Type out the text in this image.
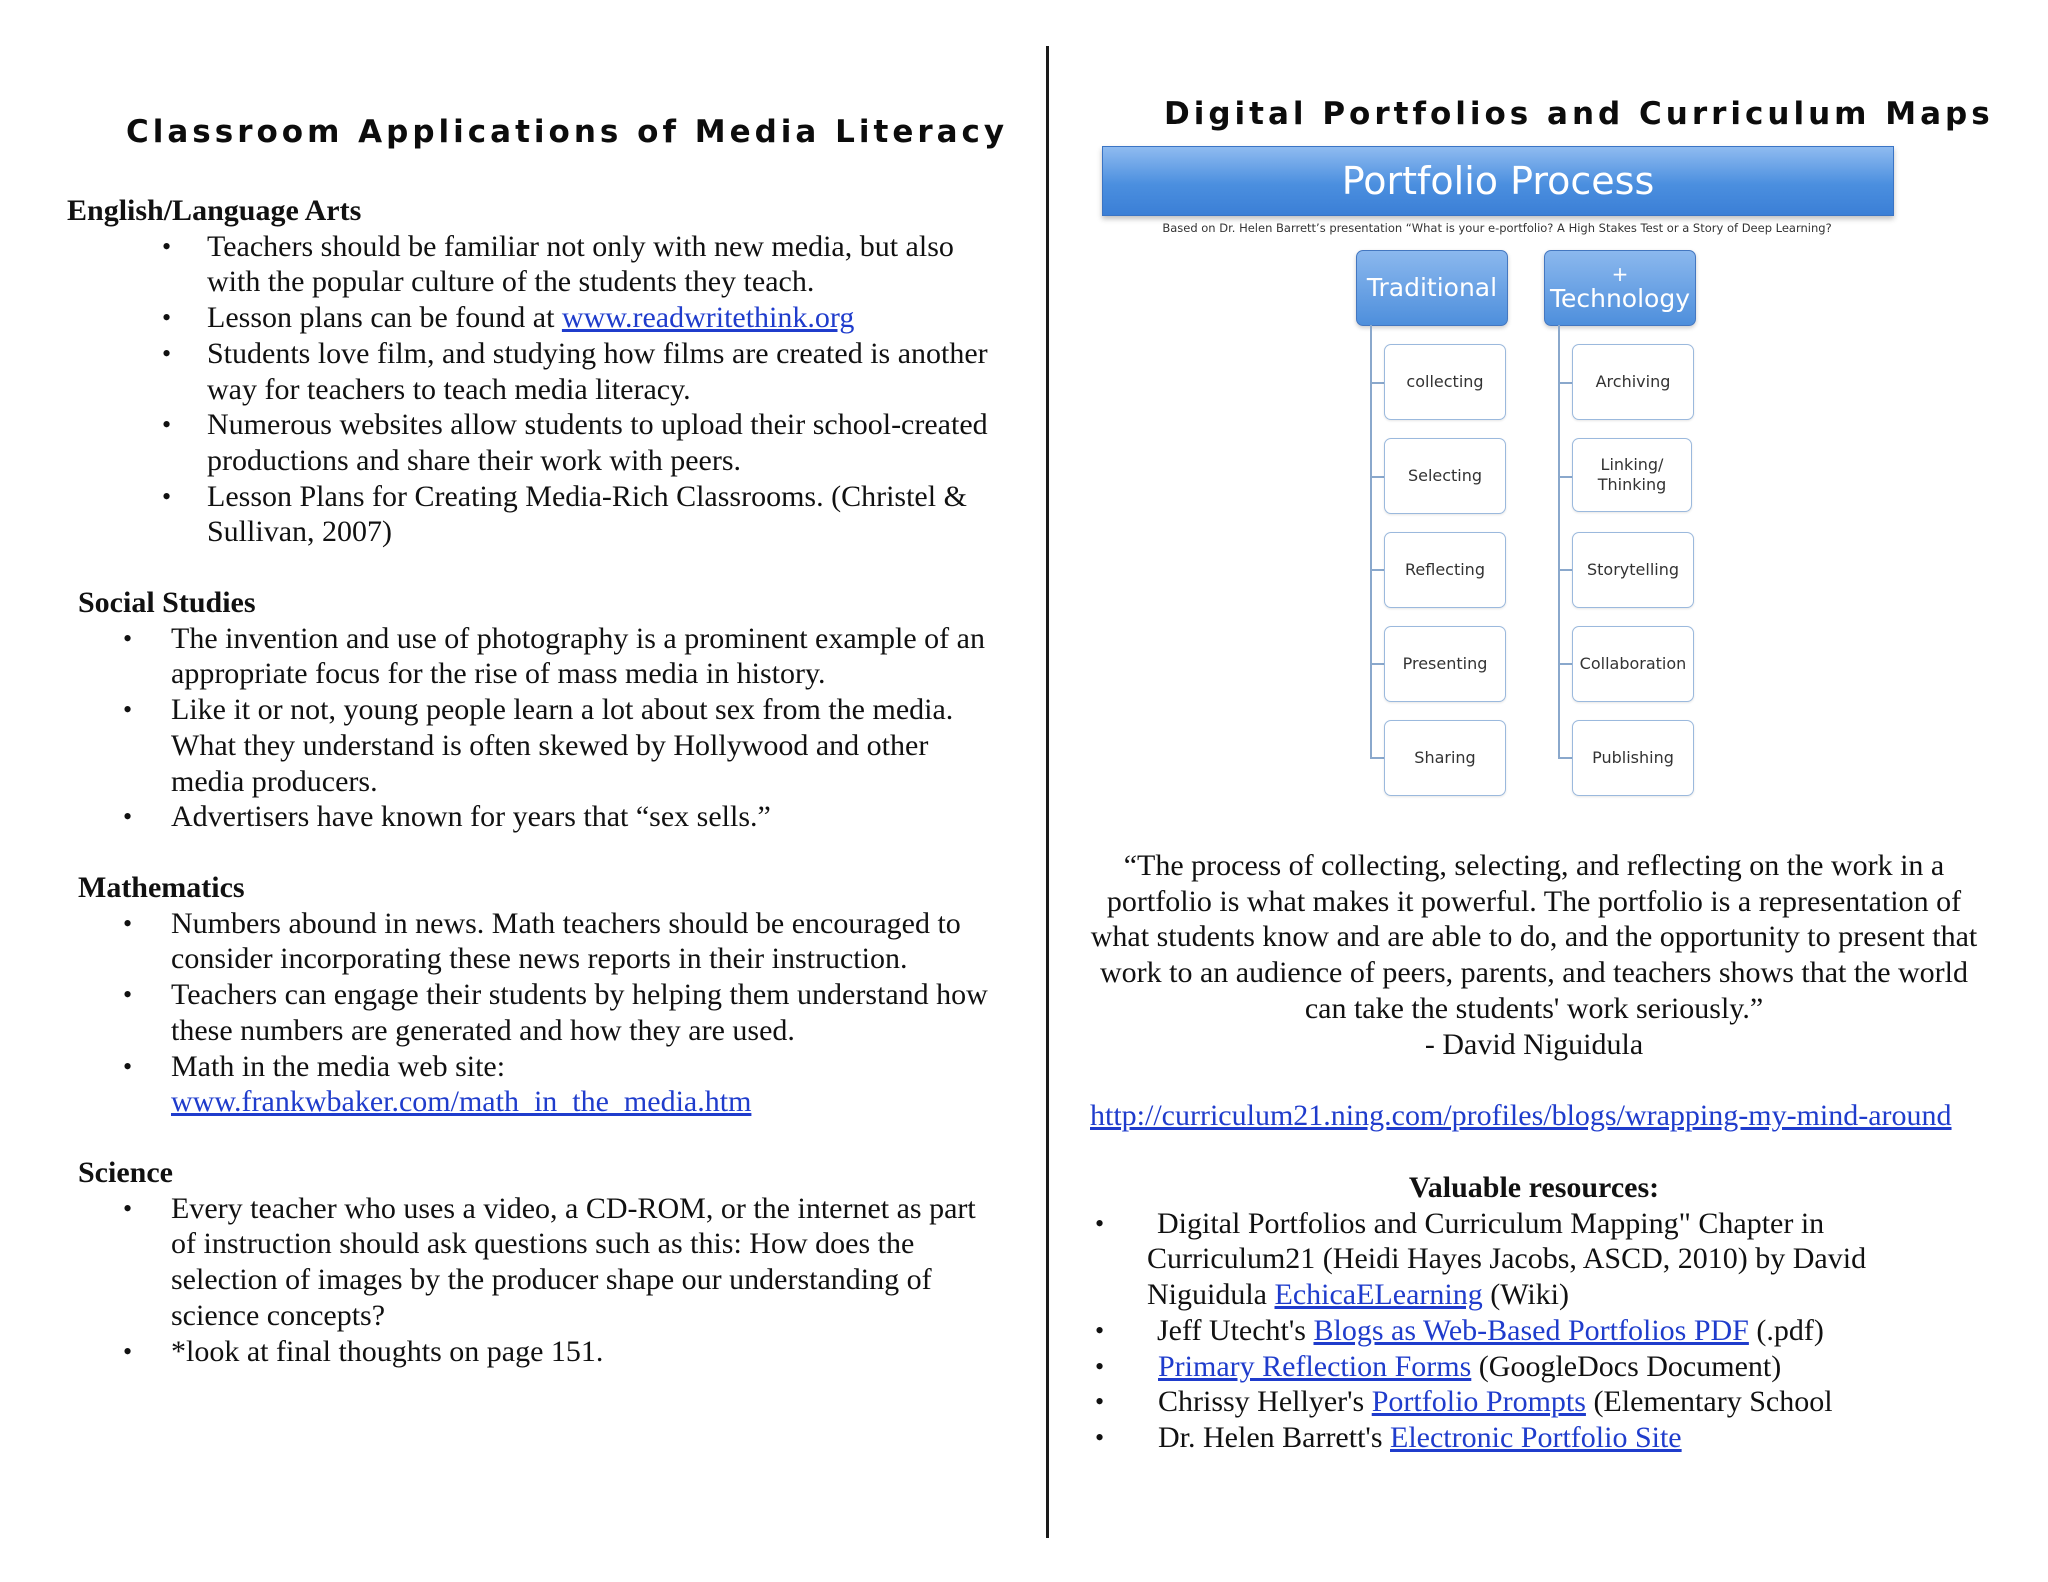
Classroom Applications of Media Literacy
English/Language Arts
• Teachers should be familiar not only with new media, but also
with the popular culture of the students they teach.
• Lesson plans can be found at www.readwritethink.org
• Students love film, and studying how films are created is another
way for teachers to teach media literacy.
• Numerous websites allow students to upload their school-created
productions and share their work with peers.
• Lesson Plans for Creating Media-Rich Classrooms. (Christel &
Sullivan, 2007)
Social Studies
• The invention and use of photography is a prominent example of an
appropriate focus for the rise of mass media in history.
• Like it or not, young people learn a lot about sex from the media.
What they understand is often skewed by Hollywood and other
media producers.
• Advertisers have known for years that “sex sells.”
Mathematics
• Numbers abound in news. Math teachers should be encouraged to
consider incorporating these news reports in their instruction.
• Teachers can engage their students by helping them understand how
these numbers are generated and how they are used.
• Math in the media web site:
www.frankwbaker.com/math_in_the_media.htm
Science
• Every teacher who uses a video, a CD-ROM, or the internet as part
of instruction should ask questions such as this: How does the
selection of images by the producer shape our understanding of
science concepts?
• *look at final thoughts on page 151.
Digital Portfolios and Curriculum Maps
Portfolio Process
Based on Dr. Helen Barrett’s presentation “What is your e-portfolio? A High Stakes Test or a Story of Deep Learning?
Traditional	+
Technology
collecting
Selecting
Reflecting
Presenting
Sharing
Archiving
Linking/ Thinking
Storytelling
Collaboration
Publishing
“The process of collecting, selecting, and reflecting on the work in a
portfolio is what makes it powerful. The portfolio is a representation of
what students know and are able to do, and the opportunity to present that
work to an audience of peers, parents, and teachers shows that the world
can take the students' work seriously.”
- David Niguidula
http://curriculum21.ning.com/profiles/blogs/wrapping-my-mind-around
Valuable resources:
•	Digital Portfolios and Curriculum Mapping" Chapter in
Curriculum21 (Heidi Hayes Jacobs, ASCD, 2010) by David
Niguidula EchicaELearning (Wiki)
• Jeff Utecht's Blogs as Web-Based Portfolios PDF (.pdf)
• Primary Reflection Forms (GoogleDocs Document)
• Chrissy Hellyer's Portfolio Prompts (Elementary School
• Dr. Helen Barrett's Electronic Portfolio Site
